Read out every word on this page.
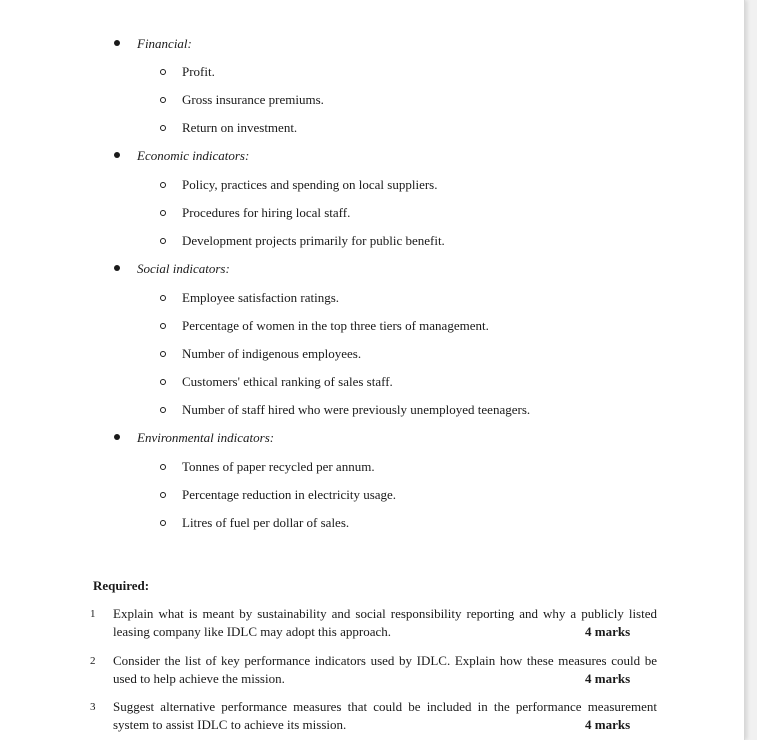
Financial:
Profit.
Gross insurance premiums.
Return on investment.
Economic indicators:
Policy, practices and spending on local suppliers.
Procedures for hiring local staff.
Development projects primarily for public benefit.
Social indicators:
Employee satisfaction ratings.
Percentage of women in the top three tiers of management.
Number of indigenous employees.
Customers' ethical ranking of sales staff.
Number of staff hired who were previously unemployed teenagers.
Environmental indicators:
Tonnes of paper recycled per annum.
Percentage reduction in electricity usage.
Litres of fuel per dollar of sales.
Required:
1 Explain what is meant by sustainability and social responsibility reporting and why a publicly listed leasing company like IDLC may adopt this approach.	4 marks
2 Consider the list of key performance indicators used by IDLC. Explain how these measures could be used to help achieve the mission.	4 marks
3 Suggest alternative performance measures that could be included in the performance measurement system to assist IDLC to achieve its mission.	4 marks
